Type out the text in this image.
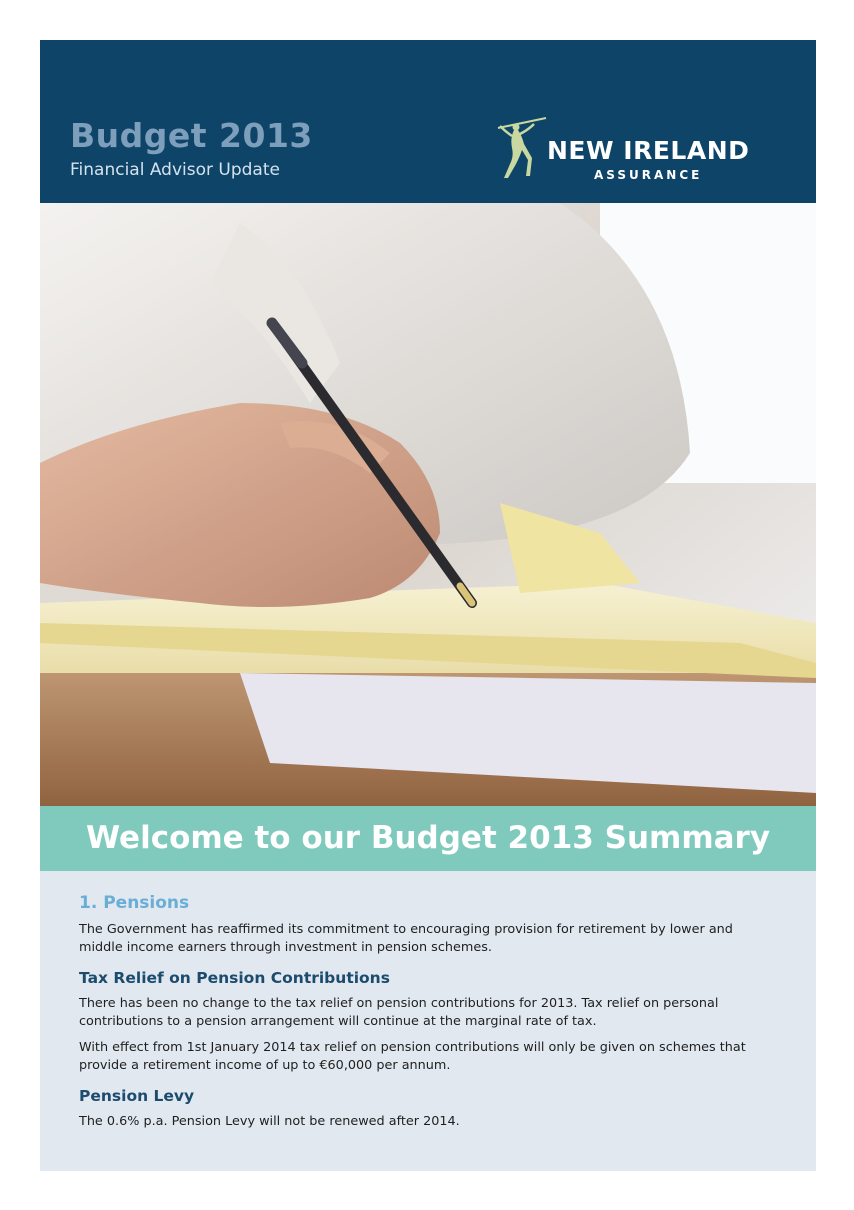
Budget 2013
Financial Advisor Update
NEW IRELAND
ASSURANCE
Welcome to our Budget 2013 Summary
1. Pensions

The Government has reaffirmed its commitment to encouraging provision for retirement by lower and middle income earners through investment in pension schemes.

Tax Relief on Pension Contributions

There has been no change to the tax relief on pension contributions for 2013. Tax relief on personal contributions to a pension arrangement will continue at the marginal rate of tax.

With effect from 1st January 2014 tax relief on pension contributions will only be given on schemes that provide a retirement income of up to €60,000 per annum.

Pension Levy

The 0.6% p.a. Pension Levy will not be renewed after 2014.
